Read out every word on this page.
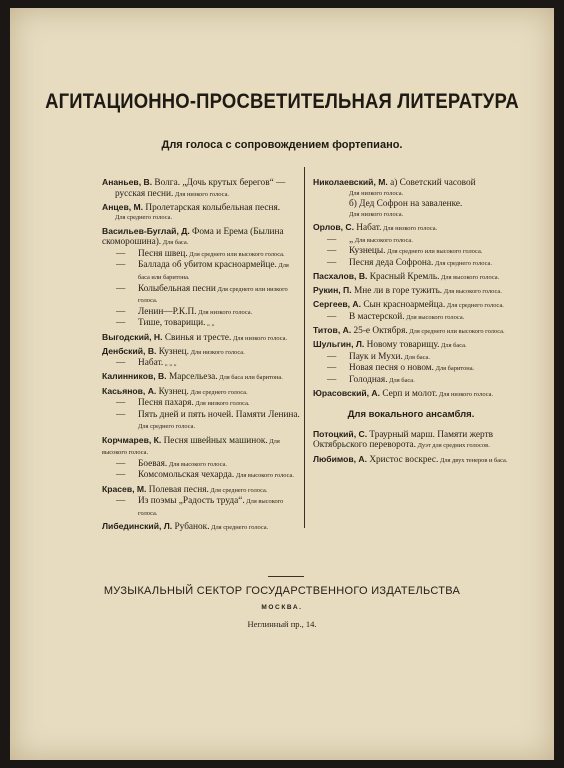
АГИТАЦИОННО-ПРОСВЕТИТЕЛЬНАЯ ЛИТЕРАТУРА
Для голоса с сопровождением фортепиано.
Ананьев, В. Волга. „Дочь крутых берегов“ —
русская песни. Для низкого голоса.
Анцев, М. Пролетарская колыбельная песня.
Для среднего голоса.
Васильев-Буглай, Д. Фома и Ерема (Былина скоморошина). Для баса.
— Песня швец. Для среднего или высокого голоса.
— Баллада об убитом красноармейце. Для баса или баритона.
— Колыбельная песни Для среднего или низкого голоса.
— Ленин—Р.К.П. Для низкого голоса.
— Тише, товарищи. „ „
Выгодский, Н. Свинья и тресте. Для низкого голоса.
Денбский, В. Кузнец. Для низкого голоса.
— Набат. „ „ „
Калинников, В. Марсельеза. Для баса или баритона.
Касьянов, А. Кузнец. Для среднего голоса.
— Песня пахаря. Для низкого голоса.
— Пять дней и пять ночей. Памяти Ленина. Для среднего голоса.
Корчмарев, К. Песня швейных машинок. Для высокого голоса.
— Боевая. Для высокого голоса.
— Комсомольская чехарда. Для высокого голоса.
Красев, М. Полевая песня. Для среднего голоса.
— Из поэмы „Радость труда“. Для высокого голоса.
Либединский, Л. Рубанок. Для среднего голоса.
Николаевский, М. а) Советский часовой
Для низкого голоса.
б) Дед Софрон на заваленке.
Для низкого голоса.
Орлов, С. Набат. Для низкого голоса.
— „ Для высокого голоса.
— Кузнецы. Для среднего или высокого голоса.
— Песня деда Софрона. Для среднего голоса.
Пасхалов, В. Красный Кремль. Для высокого голоса.
Рукин, П. Мне ли в горе тужить. Для высокого голоса.
Сергеев, А. Сын красноармейца. Для среднего голоса.
— В мастерской. Для высокого голоса.
Титов, А. 25-е Октября. Для среднего или высокого голоса.
Шульгин, Л. Новому товарищу. Для баса.
— Паук и Мухи. Для баса.
— Новая песня о новом. Для баритона.
— Голодная. Для баса.
Юрасовский, А. Серп и молот. Для низкого голоса.
Для вокального ансамбля.
Потоцкий, С. Траурный марш. Памяти жертв Октябрьского переворота. Дуэт для средних голосов.
Любимов, А. Христос воскрес. Для двух тенеров и баса.
МУЗЫКАЛЬНЫЙ СЕКТОР ГОСУДАРСТВЕННОГО ИЗДАТЕЛЬСТВА
МОСКВА.
Неглинный пр., 14.
